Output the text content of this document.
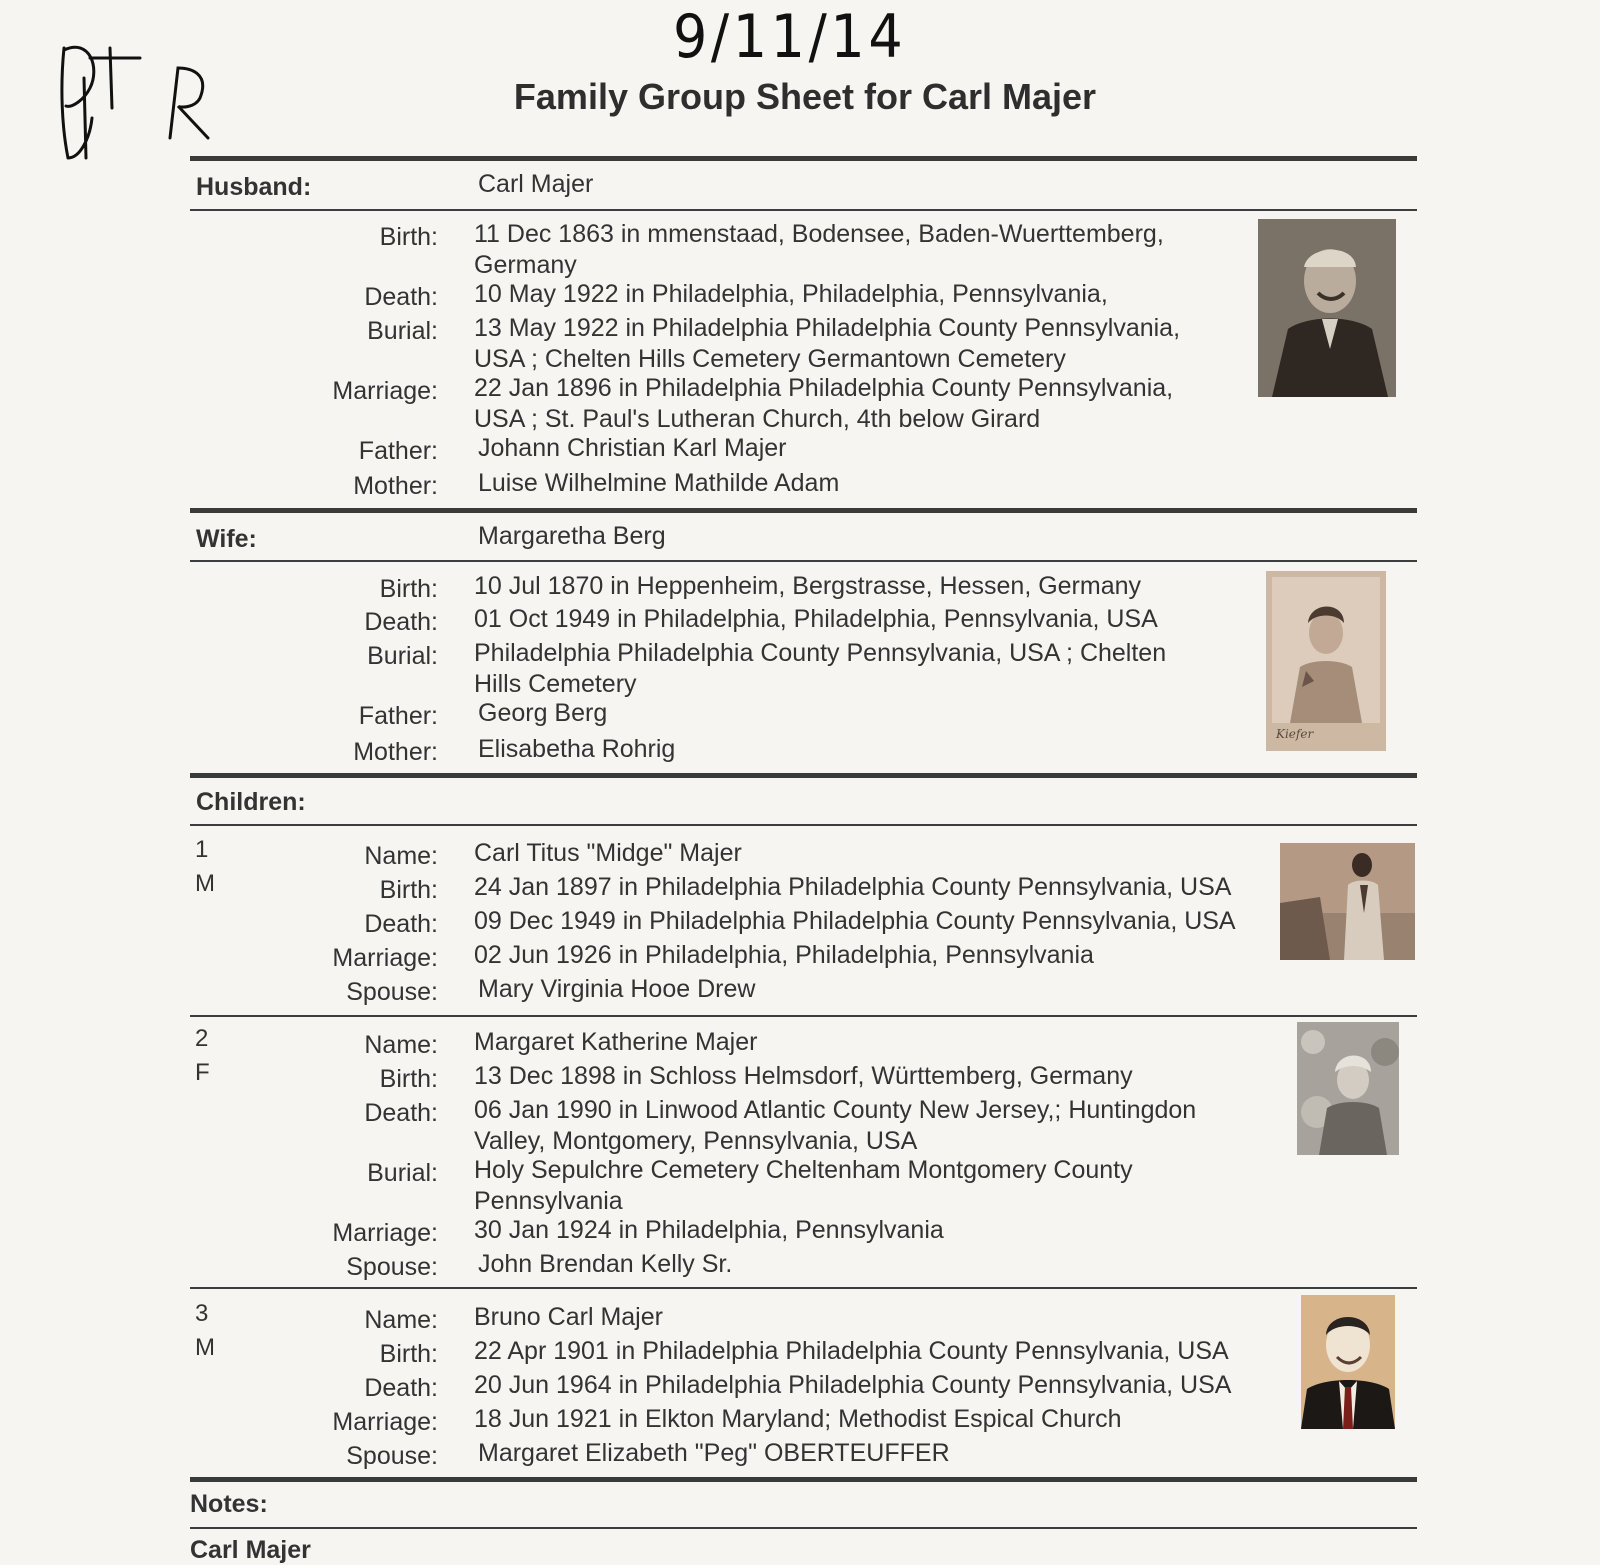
9/11/14
Family Group Sheet for Carl Majer
Husband:	Carl Majer
Birth: 11 Dec 1863 in mmenstaad, Bodensee, Baden-Wuerttemberg,
Germany
Death: 10 May 1922 in Philadelphia, Philadelphia, Pennsylvania,
Burial: 13 May 1922 in Philadelphia Philadelphia County Pennsylvania,
USA ; Chelten Hills Cemetery Germantown Cemetery
Marriage: 22 Jan 1896 in Philadelphia Philadelphia County Pennsylvania,
USA ; St. Paul's Lutheran Church, 4th below Girard
Father: Johann Christian Karl Majer
Mother: Luise Wilhelmine Mathilde Adam
Wife:	Margaretha Berg
Birth: 10 Jul 1870 in Heppenheim, Bergstrasse, Hessen, Germany
Death: 01 Oct 1949 in Philadelphia, Philadelphia, Pennsylvania, USA
Burial: Philadelphia Philadelphia County Pennsylvania, USA ; Chelten
Hills Cemetery
Father: Georg Berg
Mother: Elisabetha Rohrig
Kiefer
Children:
1
M
Name: Carl Titus "Midge" Majer
Birth: 24 Jan 1897 in Philadelphia Philadelphia County Pennsylvania, USA
Death: 09 Dec 1949 in Philadelphia Philadelphia County Pennsylvania, USA
Marriage: 02 Jun 1926 in Philadelphia, Philadelphia, Pennsylvania
Spouse: Mary Virginia Hooe Drew
2
F
Name: Margaret Katherine Majer
Birth: 13 Dec 1898 in Schloss Helmsdorf, Württemberg, Germany
Death: 06 Jan 1990 in Linwood Atlantic County New Jersey,; Huntingdon
Valley, Montgomery, Pennsylvania, USA
Burial: Holy Sepulchre Cemetery Cheltenham Montgomery County
Pennsylvania
Marriage: 30 Jan 1924 in Philadelphia, Pennsylvania
Spouse: John Brendan Kelly Sr.
3
M
Name: Bruno Carl Majer
Birth: 22 Apr 1901 in Philadelphia Philadelphia County Pennsylvania, USA
Death: 20 Jun 1964 in Philadelphia Philadelphia County Pennsylvania, USA
Marriage: 18 Jun 1921 in Elkton Maryland; Methodist Espical Church
Spouse: Margaret Elizabeth "Peg" OBERTEUFFER
Notes:
Carl Majer
